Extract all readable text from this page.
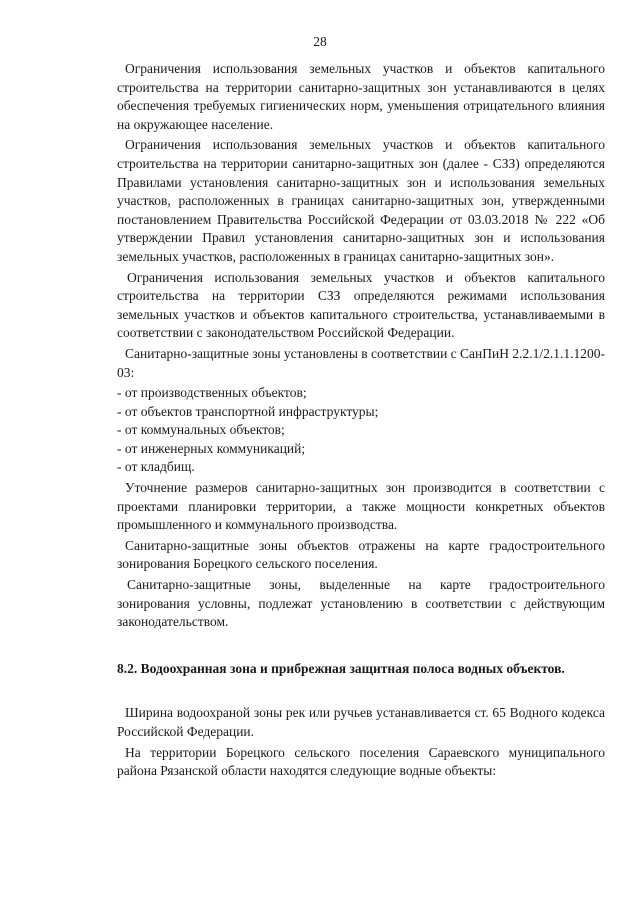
28

Ограничения использования земельных участков и объектов капитального строительства на территории санитарно-защитных зон устанавливаются в целях обеспечения требуемых гигиенических норм, уменьшения отрицательного влияния на окружающее население.

Ограничения использования земельных участков и объектов капитального строительства на территории санитарно-защитных зон (далее - СЗЗ) определяются Правилами установления санитарно-защитных зон и использования земельных участков, расположенных в границах санитарно-защитных зон, утвержденными постановлением Правительства Российской Федерации от 03.03.2018 № 222 «Об утверждении Правил установления санитарно-защитных зон и использования земельных участков, расположенных в границах санитарно-защитных зон».

Ограничения использования земельных участков и объектов капитального строительства на территории СЗЗ определяются режимами использования земельных участков и объектов капитального строительства, устанавливаемыми в соответствии с законодательством Российской Федерации.

Санитарно-защитные зоны установлены в соответствии с СанПиН 2.2.1/2.1.1.1200-03:

- от производственных объектов;
- от объектов транспортной инфраструктуры;
- от коммунальных объектов;
- от инженерных коммуникаций;
- от кладбищ.

Уточнение размеров санитарно-защитных зон производится в соответствии с проектами планировки территории, а также мощности конкретных объектов промышленного и коммунального производства.

Санитарно-защитные зоны объектов отражены на карте градостроительного зонирования Борецкого сельского поселения.

Санитарно-защитные зоны, выделенные на карте градостроительного зонирования условны, подлежат установлению в соответствии с действующим законодательством.

8.2. Водоохранная зона и прибрежная защитная полоса водных объектов.

Ширина водоохраной зоны рек или ручьев устанавливается ст. 65 Водного кодекса Российской Федерации.

На территории Борецкого сельского поселения Сараевского муниципального района Рязанской области находятся следующие водные объекты:
